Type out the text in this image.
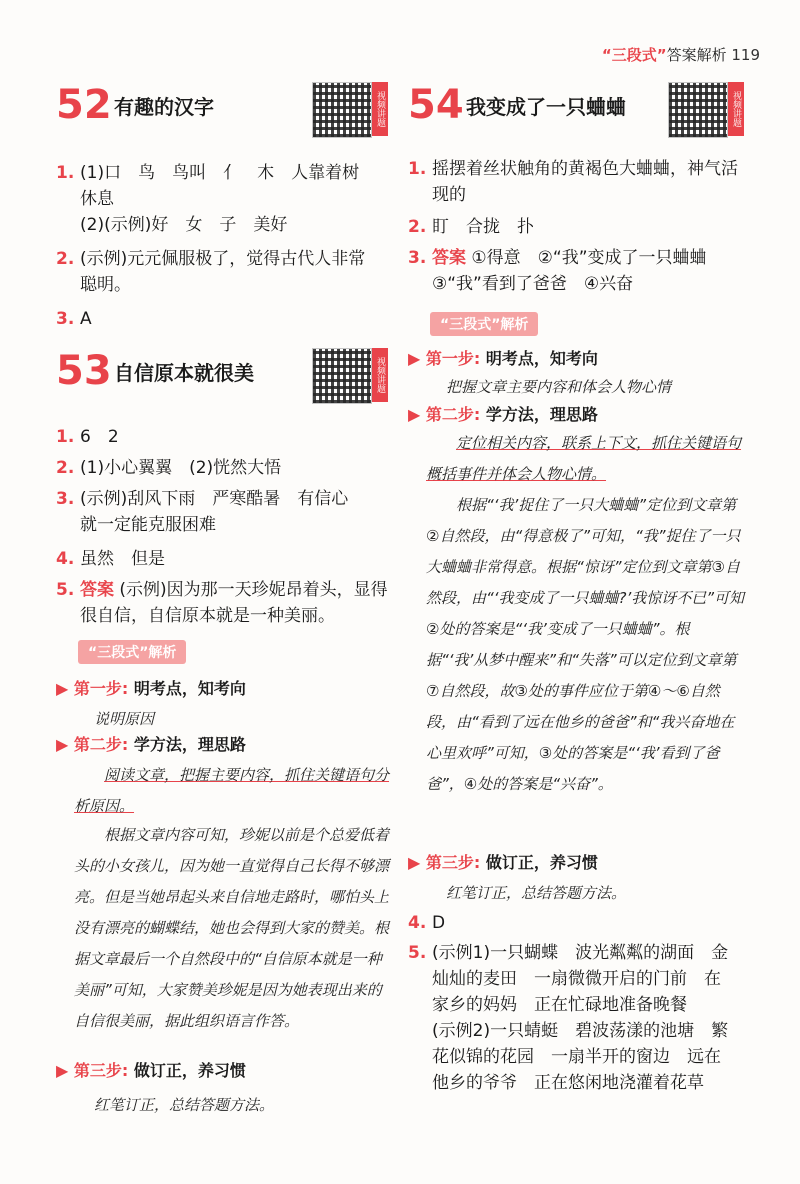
“三段式”答案解析 119
52 有趣的汉字	视频讲题
1. (1)口　鸟　鸟叫　亻　木　人靠着树
休息
(2)(示例)好　女　子　美好
2. (示例)元元佩服极了，觉得古代人非常
聪明。
3. A
53 自信原本就很美	视频讲题
1. 6　2
2. (1)小心翼翼　(2)恍然大悟
3. (示例)刮风下雨　严寒酷暑　有信心
就一定能克服困难
4. 虽然　但是
5. 答案 (示例)因为那一天珍妮昂着头，显得
很自信，自信原本就是一种美丽。
“三段式”解析
▶ 第一步: 明考点，知考向
说明原因
▶ 第二步: 学方法，理思路
阅读文章，把握主要内容，抓住关键语句分析原因。
根据文章内容可知，珍妮以前是个总爱低着头的小女孩儿，因为她一直觉得自己长得不够漂亮。但是当她昂起头来自信地走路时，哪怕头上没有漂亮的蝴蝶结，她也会得到大家的赞美。根据文章最后一个自然段中的“自信原本就是一种美丽”可知，大家赞美珍妮是因为她表现出来的自信很美丽，据此组织语言作答。
▶ 第三步: 做订正，养习惯
红笔订正，总结答题方法。
54 我变成了一只蛐蛐	视频讲题
1. 摇摆着丝状触角的黄褐色大蛐蛐，神气活
现的
2. 盯　合拢　扑
3. 答案 ①得意　②“我”变成了一只蛐蛐
③“我”看到了爸爸　④兴奋
“三段式”解析
▶ 第一步: 明考点，知考向
把握文章主要内容和体会人物心情
▶ 第二步: 学方法，理思路
定位相关内容，联系上下文，抓住关键语句概括事件并体会人物心情。
根据“‘我’捉住了一只大蛐蛐”定位到文章第②自然段，由“得意极了”可知，“我”捉住了一只大蛐蛐非常得意。根据“惊讶”定位到文章第③自然段，由“‘我变成了一只蛐蛐?’我惊讶不已”可知②处的答案是“‘我’变成了一只蛐蛐”。根据“‘我’从梦中醒来”和“失落”可以定位到文章第⑦自然段，故③处的事件应位于第④～⑥自然段，由“看到了远在他乡的爸爸”和“我兴奋地在心里欢呼”可知，③处的答案是“‘我’看到了爸爸”，④处的答案是“兴奋”。
▶ 第三步: 做订正，养习惯
红笔订正，总结答题方法。
4. D
5. (示例1)一只蝴蝶　波光粼粼的湖面　金
灿灿的麦田　一扇微微开启的门前　在
家乡的妈妈　正在忙碌地准备晚餐
(示例2)一只蜻蜓　碧波荡漾的池塘　繁
花似锦的花园　一扇半开的窗边　远在
他乡的爷爷　正在悠闲地浇灌着花草
